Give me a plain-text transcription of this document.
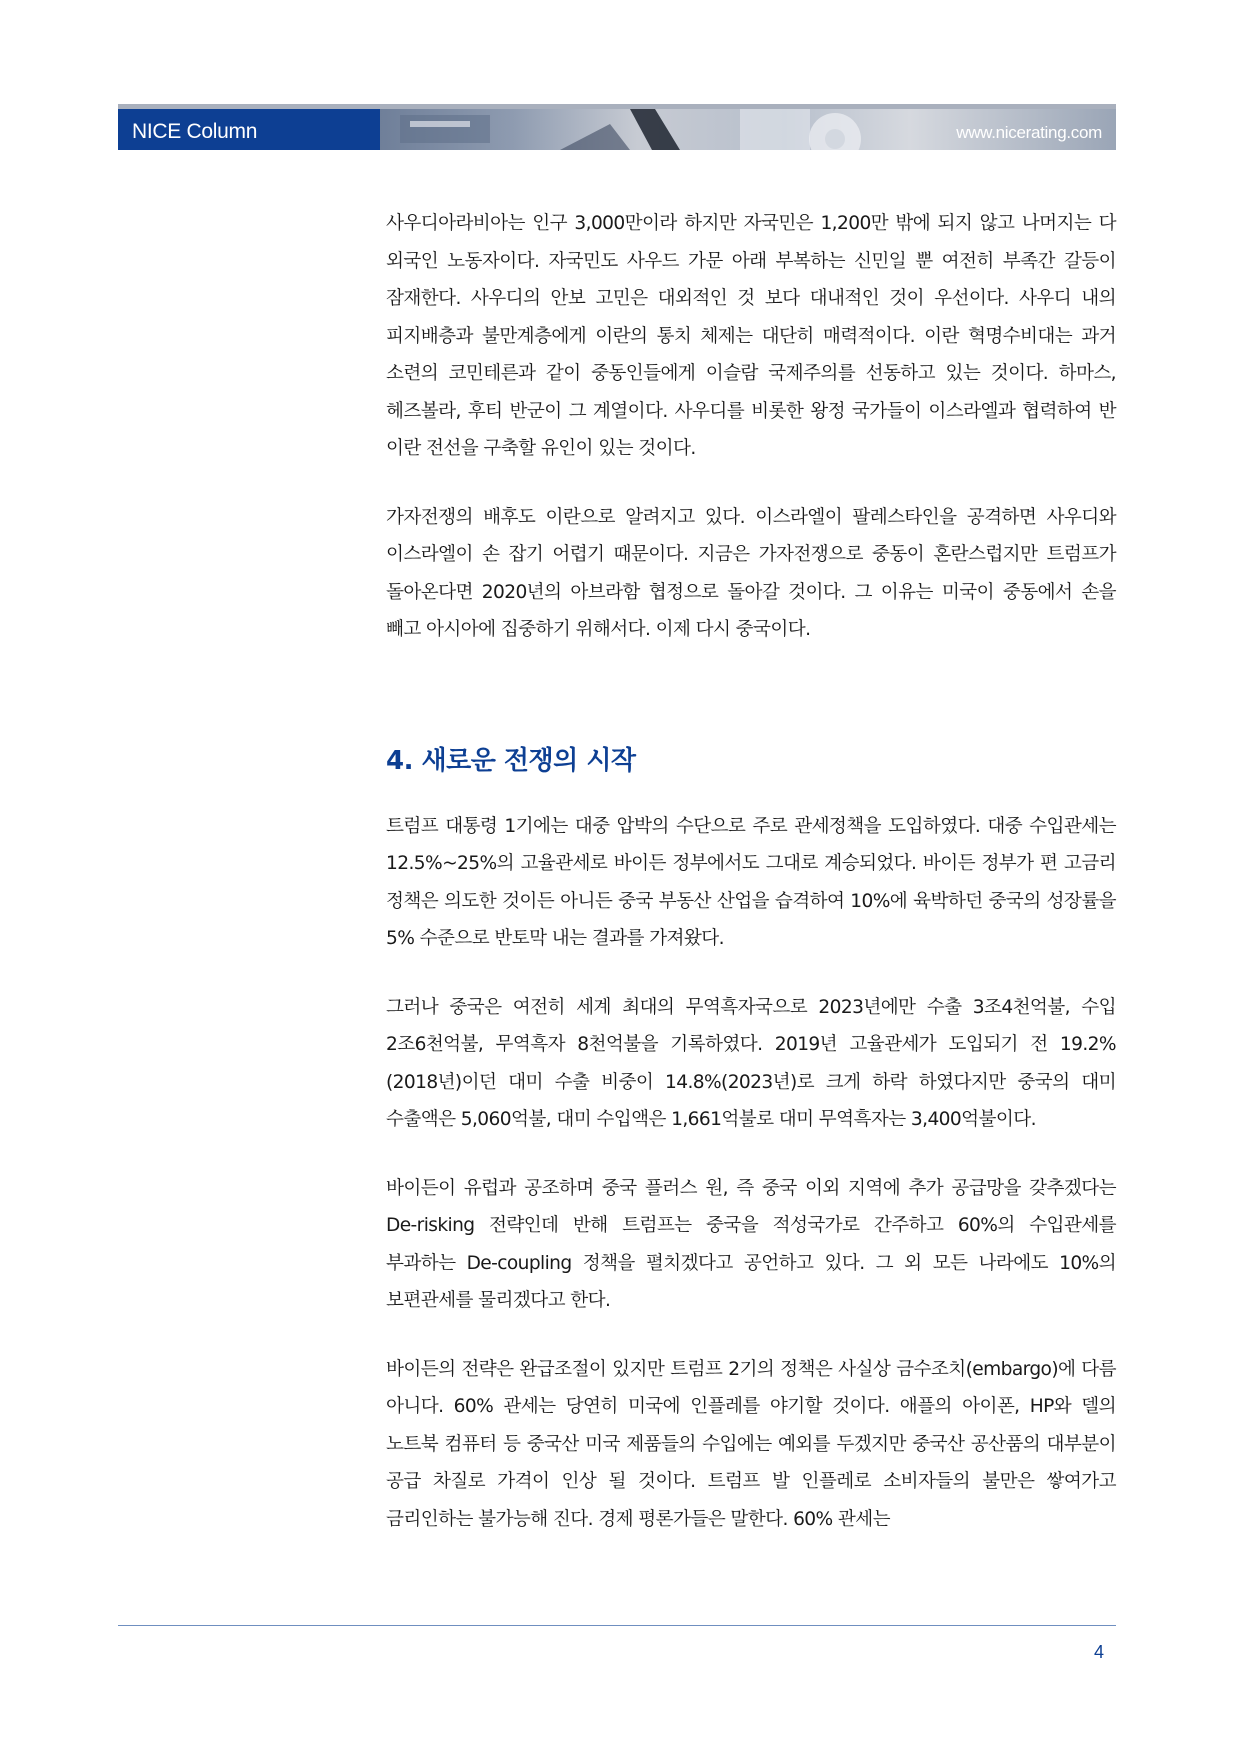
NICE Column	www.nicerating.com

사우디아라비아는 인구 3,000만이라 하지만 자국민은 1,200만 밖에 되지 않고 나머지는 다 외국인 노동자이다. 자국민도 사우드 가문 아래 부복하는 신민일 뿐 여전히 부족간 갈등이 잠재한다. 사우디의 안보 고민은 대외적인 것 보다 대내적인 것이 우선이다. 사우디 내의 피지배층과 불만계층에게 이란의 통치 체제는 대단히 매력적이다. 이란 혁명수비대는 과거 소련의 코민테른과 같이 중동인들에게 이슬람 국제주의를 선동하고 있는 것이다. 하마스, 헤즈볼라, 후티 반군이 그 계열이다. 사우디를 비롯한 왕정 국가들이 이스라엘과 협력하여 반 이란 전선을 구축할 유인이 있는 것이다.

가자전쟁의 배후도 이란으로 알려지고 있다. 이스라엘이 팔레스타인을 공격하면 사우디와 이스라엘이 손 잡기 어렵기 때문이다. 지금은 가자전쟁으로 중동이 혼란스럽지만 트럼프가 돌아온다면 2020년의 아브라함 협정으로 돌아갈 것이다. 그 이유는 미국이 중동에서 손을 빼고 아시아에 집중하기 위해서다. 이제 다시 중국이다.

4. 새로운 전쟁의 시작

트럼프 대통령 1기에는 대중 압박의 수단으로 주로 관세정책을 도입하였다. 대중 수입관세는 12.5%~25%의 고율관세로 바이든 정부에서도 그대로 계승되었다. 바이든 정부가 편 고금리 정책은 의도한 것이든 아니든 중국 부동산 산업을 습격하여 10%에 육박하던 중국의 성장률을 5% 수준으로 반토막 내는 결과를 가져왔다.

그러나 중국은 여전히 세계 최대의 무역흑자국으로 2023년에만 수출 3조4천억불, 수입 2조6천억불, 무역흑자 8천억불을 기록하였다. 2019년 고율관세가 도입되기 전 19.2%(2018년)이던 대미 수출 비중이 14.8%(2023년)로 크게 하락 하였다지만 중국의 대미 수출액은 5,060억불, 대미 수입액은 1,661억불로 대미 무역흑자는 3,400억불이다.

바이든이 유럽과 공조하며 중국 플러스 원, 즉 중국 이외 지역에 추가 공급망을 갖추겠다는 De-risking 전략인데 반해 트럼프는 중국을 적성국가로 간주하고 60%의 수입관세를 부과하는 De-coupling 정책을 펼치겠다고 공언하고 있다. 그 외 모든 나라에도 10%의 보편관세를 물리겠다고 한다.

바이든의 전략은 완급조절이 있지만 트럼프 2기의 정책은 사실상 금수조치(embargo)에 다름 아니다. 60% 관세는 당연히 미국에 인플레를 야기할 것이다. 애플의 아이폰, HP와 델의 노트북 컴퓨터 등 중국산 미국 제품들의 수입에는 예외를 두겠지만 중국산 공산품의 대부분이 공급 차질로 가격이 인상 될 것이다. 트럼프 발 인플레로 소비자들의 불만은 쌓여가고 금리인하는 불가능해 진다. 경제 평론가들은 말한다. 60% 관세는

4
